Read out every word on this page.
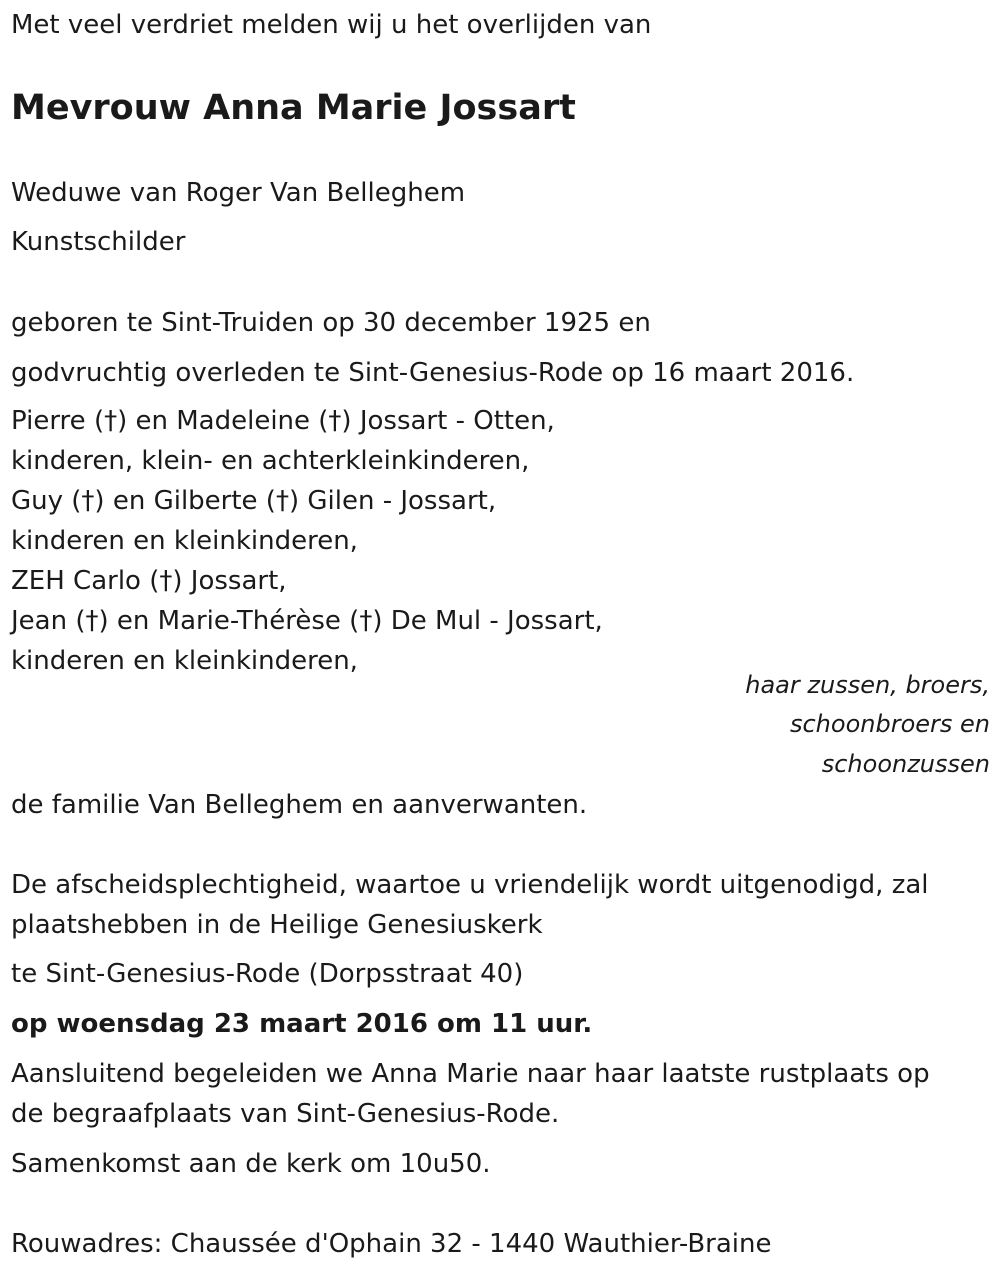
Met veel verdriet melden wij u het overlijden van

Mevrouw Anna Marie Jossart

Weduwe van Roger Van Belleghem

Kunstschilder

geboren te Sint-Truiden op 30 december 1925 en

godvruchtig overleden te Sint-Genesius-Rode op 16 maart 2016.

Pierre (†) en Madeleine (†) Jossart - Otten,

kinderen, klein- en achterkleinkinderen,

Guy (†) en Gilberte (†) Gilen - Jossart,

kinderen en kleinkinderen,

ZEH Carlo (†) Jossart,

Jean (†) en Marie-Thérèse (†) De Mul - Jossart,

kinderen en kleinkinderen,

haar zussen, broers,

schoonbroers en

schoonzussen

de familie Van Belleghem en aanverwanten.

De afscheidsplechtigheid, waartoe u vriendelijk wordt uitgenodigd, zal

plaatshebben in de Heilige Genesiuskerk

te Sint-Genesius-Rode (Dorpsstraat 40)

op woensdag 23 maart 2016 om 11 uur.

Aansluitend begeleiden we Anna Marie naar haar laatste rustplaats op

de begraafplaats van Sint-Genesius-Rode.

Samenkomst aan de kerk om 10u50.

Rouwadres: Chaussée d'Ophain 32 - 1440 Wauthier-Braine
